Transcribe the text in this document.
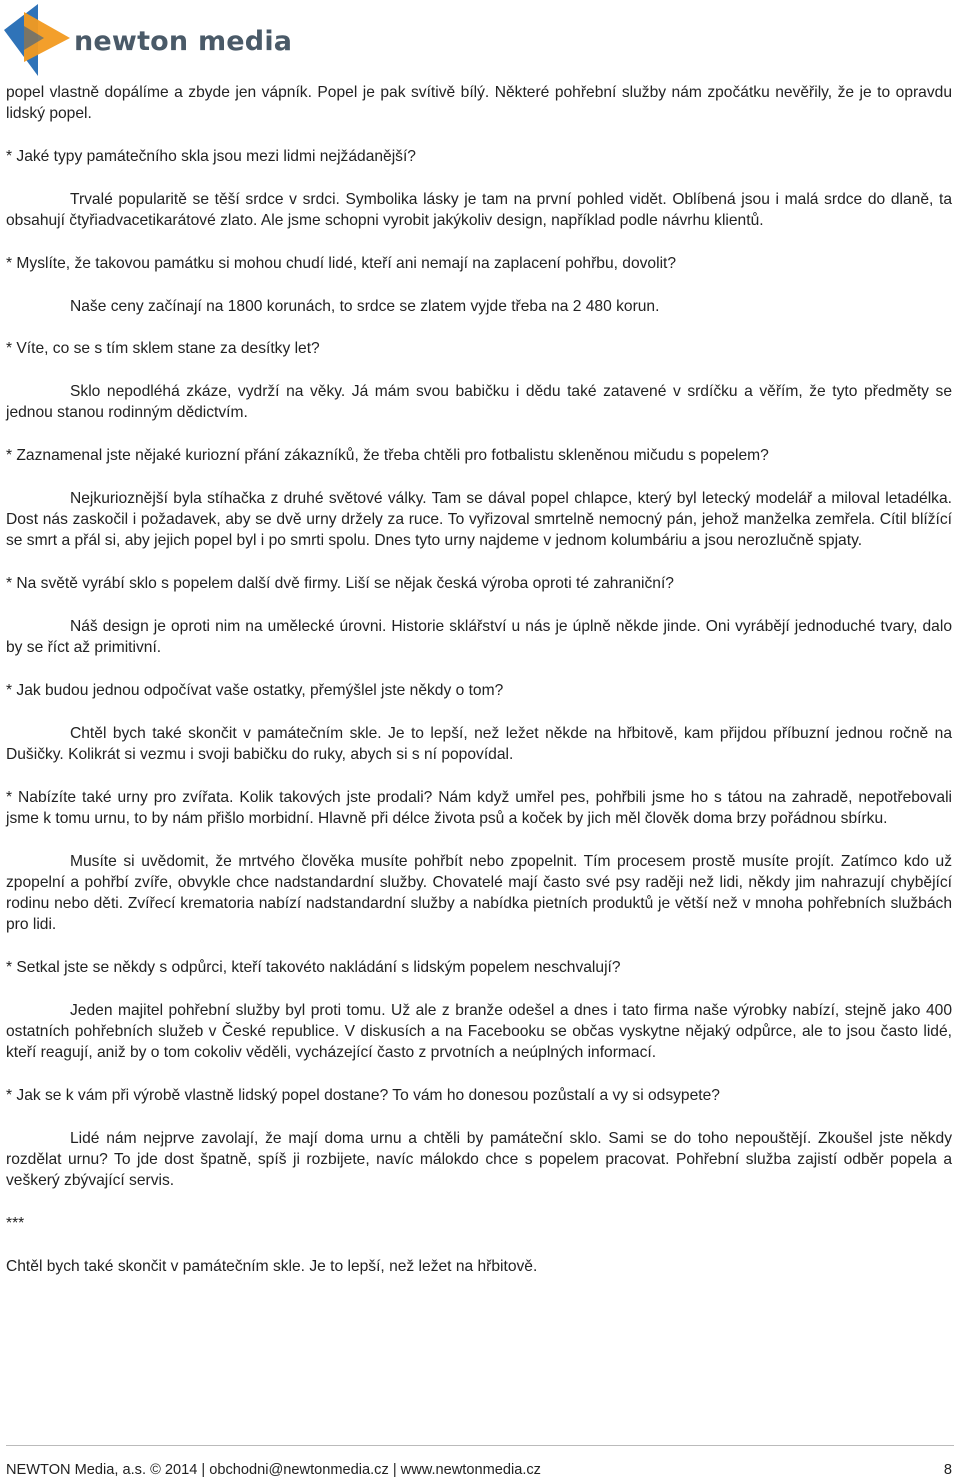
newton media

popel vlastně dopálíme a zbyde jen vápník. Popel je pak svítivě bílý. Některé pohřební služby nám zpočátku nevěřily, že je to opravdu lidský popel.

* Jaké typy památečního skla jsou mezi lidmi nejžádanější?

Trvalé popularitě se těší srdce v srdci. Symbolika lásky je tam na první pohled vidět. Oblíbená jsou i malá srdce do dlaně, ta obsahují čtyřiadvacetikarátové zlato. Ale jsme schopni vyrobit jakýkoliv design, například podle návrhu klientů.

* Myslíte, že takovou památku si mohou chudí lidé, kteří ani nemají na zaplacení pohřbu, dovolit?

Naše ceny začínají na 1800 korunách, to srdce se zlatem vyjde třeba na 2 480 korun.

* Víte, co se s tím sklem stane za desítky let?

Sklo nepodléhá zkáze, vydrží na věky. Já mám svou babičku i dědu také zatavené v srdíčku a věřím, že tyto předměty se jednou stanou rodinným dědictvím.

* Zaznamenal jste nějaké kuriozní přání zákazníků, že třeba chtěli pro fotbalistu skleněnou mičudu s popelem?

Nejkurioznější byla stíhačka z druhé světové války. Tam se dával popel chlapce, který byl letecký modelář a miloval letadélka. Dost nás zaskočil i požadavek, aby se dvě urny držely za ruce. To vyřizoval smrtelně nemocný pán, jehož manželka zemřela. Cítil blížící se smrt a přál si, aby jejich popel byl i po smrti spolu. Dnes tyto urny najdeme v jednom kolumbáriu a jsou nerozlučně spjaty.

* Na světě vyrábí sklo s popelem další dvě firmy. Liší se nějak česká výroba oproti té zahraniční?

Náš design je oproti nim na umělecké úrovni. Historie sklářství u nás je úplně někde jinde. Oni vyrábějí jednoduché tvary, dalo by se říct až primitivní.

* Jak budou jednou odpočívat vaše ostatky, přemýšlel jste někdy o tom?

Chtěl bych také skončit v památečním skle. Je to lepší, než ležet někde na hřbitově, kam přijdou příbuzní jednou ročně na Dušičky. Kolikrát si vezmu i svoji babičku do ruky, abych si s ní popovídal.

* Nabízíte také urny pro zvířata. Kolik takových jste prodali? Nám když umřel pes, pohřbili jsme ho s tátou na zahradě, nepotřebovali jsme k tomu urnu, to by nám přišlo morbidní. Hlavně při délce života psů a koček by jich měl člověk doma brzy pořádnou sbírku.

Musíte si uvědomit, že mrtvého člověka musíte pohřbít nebo zpopelnit. Tím procesem prostě musíte projít. Zatímco kdo už zpopelní a pohřbí zvíře, obvykle chce nadstandardní služby. Chovatelé mají často své psy raději než lidi, někdy jim nahrazují chybějící rodinu nebo děti. Zvířecí krematoria nabízí nadstandardní služby a nabídka pietních produktů je větší než v mnoha pohřebních službách pro lidi.

* Setkal jste se někdy s odpůrci, kteří takovéto nakládání s lidským popelem neschvalují?

Jeden majitel pohřební služby byl proti tomu. Už ale z branže odešel a dnes i tato firma naše výrobky nabízí, stejně jako 400 ostatních pohřebních služeb v České republice. V diskusích a na Facebooku se občas vyskytne nějaký odpůrce, ale to jsou často lidé, kteří reagují, aniž by o tom cokoliv věděli, vycházející často z prvotních a neúplných informací.

* Jak se k vám při výrobě vlastně lidský popel dostane? To vám ho donesou pozůstalí a vy si odsypete?

Lidé nám nejprve zavolají, že mají doma urnu a chtěli by památeční sklo. Sami se do toho nepouštějí. Zkoušel jste někdy rozdělat urnu? To jde dost špatně, spíš ji rozbijete, navíc málokdo chce s popelem pracovat. Pohřební služba zajistí odběr popela a veškerý zbývající servis.

***

Chtěl bych také skončit v památečním skle. Je to lepší, než ležet na hřbitově.

NEWTON Media, a.s. © 2014 | obchodni@newtonmedia.cz | www.newtonmedia.cz	8
